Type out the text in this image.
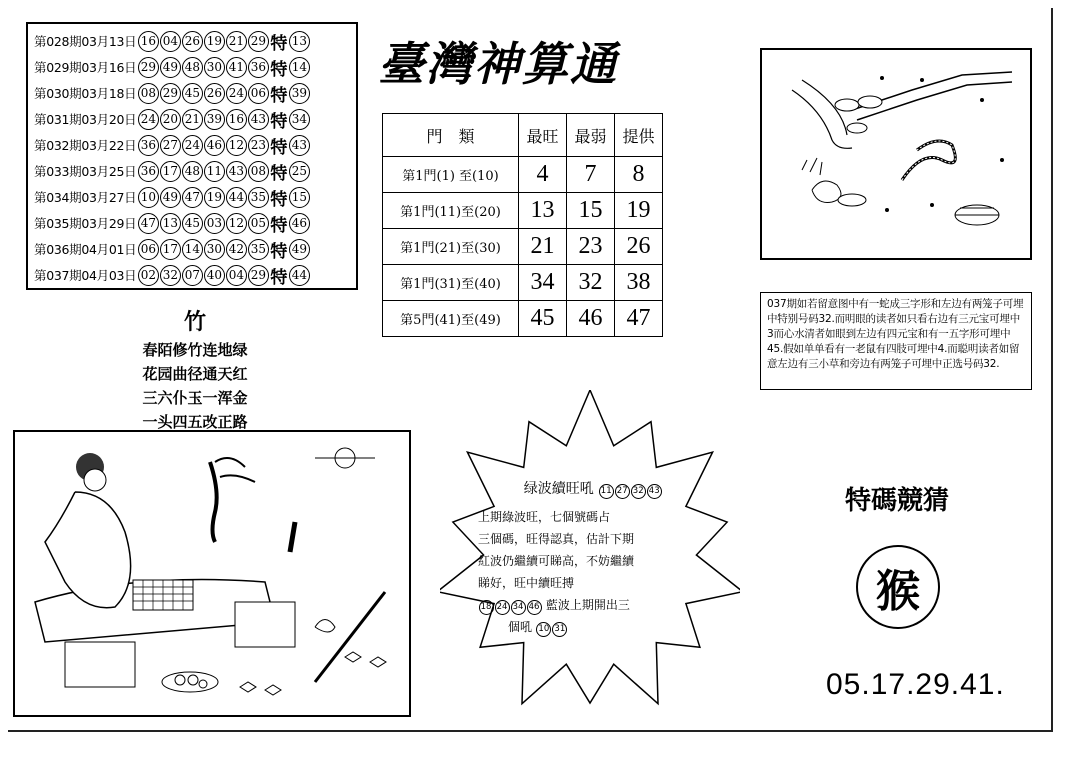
第028期03月13日 16 04 26 19 21 29 特 13
第029期03月16日 29 49 48 30 41 36 特 14
第030期03月18日 08 29 45 26 24 06 特 39
第031期03月20日 24 20 21 39 16 43 特 34
第032期03月22日 36 27 24 46 12 23 特 43
第033期03月25日 36 17 48 11 43 08 特 25
第034期03月27日 10 49 47 19 44 35 特 15
第035期03月29日 47 13 45 03 12 05 特 46
第036期04月01日 06 17 14 30 42 35 特 49
第037期04月03日 02 32 07 40 04 29 特 44
臺灣神算通
門　類	最旺	最弱	提供
第1門(1) 至(10)	4	7	8
第1門(11)至(20)	13	15	19
第1門(21)至(30)	21	23	26
第1門(31)至(40)	34	32	38
第5門(41)至(49)	45	46	47
037期如若留意图中有一蛇成三字形和左边有两笼子可埋中特别号码32.而明眼的读者如只看右边有三元宝可埋中3而心水清者如眼到左边有四元宝和有一五字形可埋中45.假如单单看有一老鼠有四肢可埋中4.而聪明读者如留意左边有三小草和旁边有两笼子可埋中正选号码32.
竹
春陌修竹连地绿
花园曲径通天红
三六仆玉一浑金
一头四五改正路
绿波續旺吼 11 27 32 43
上期綠波旺，七個號碼占
三個碼，旺得認真，估計下期
紅波仍繼續可睇高，不妨繼續
睇好，旺中續旺搏
18 24 34 46 藍波上期開出三
個吼 10 31
特碼競猜
猴
05.17.29.41.
